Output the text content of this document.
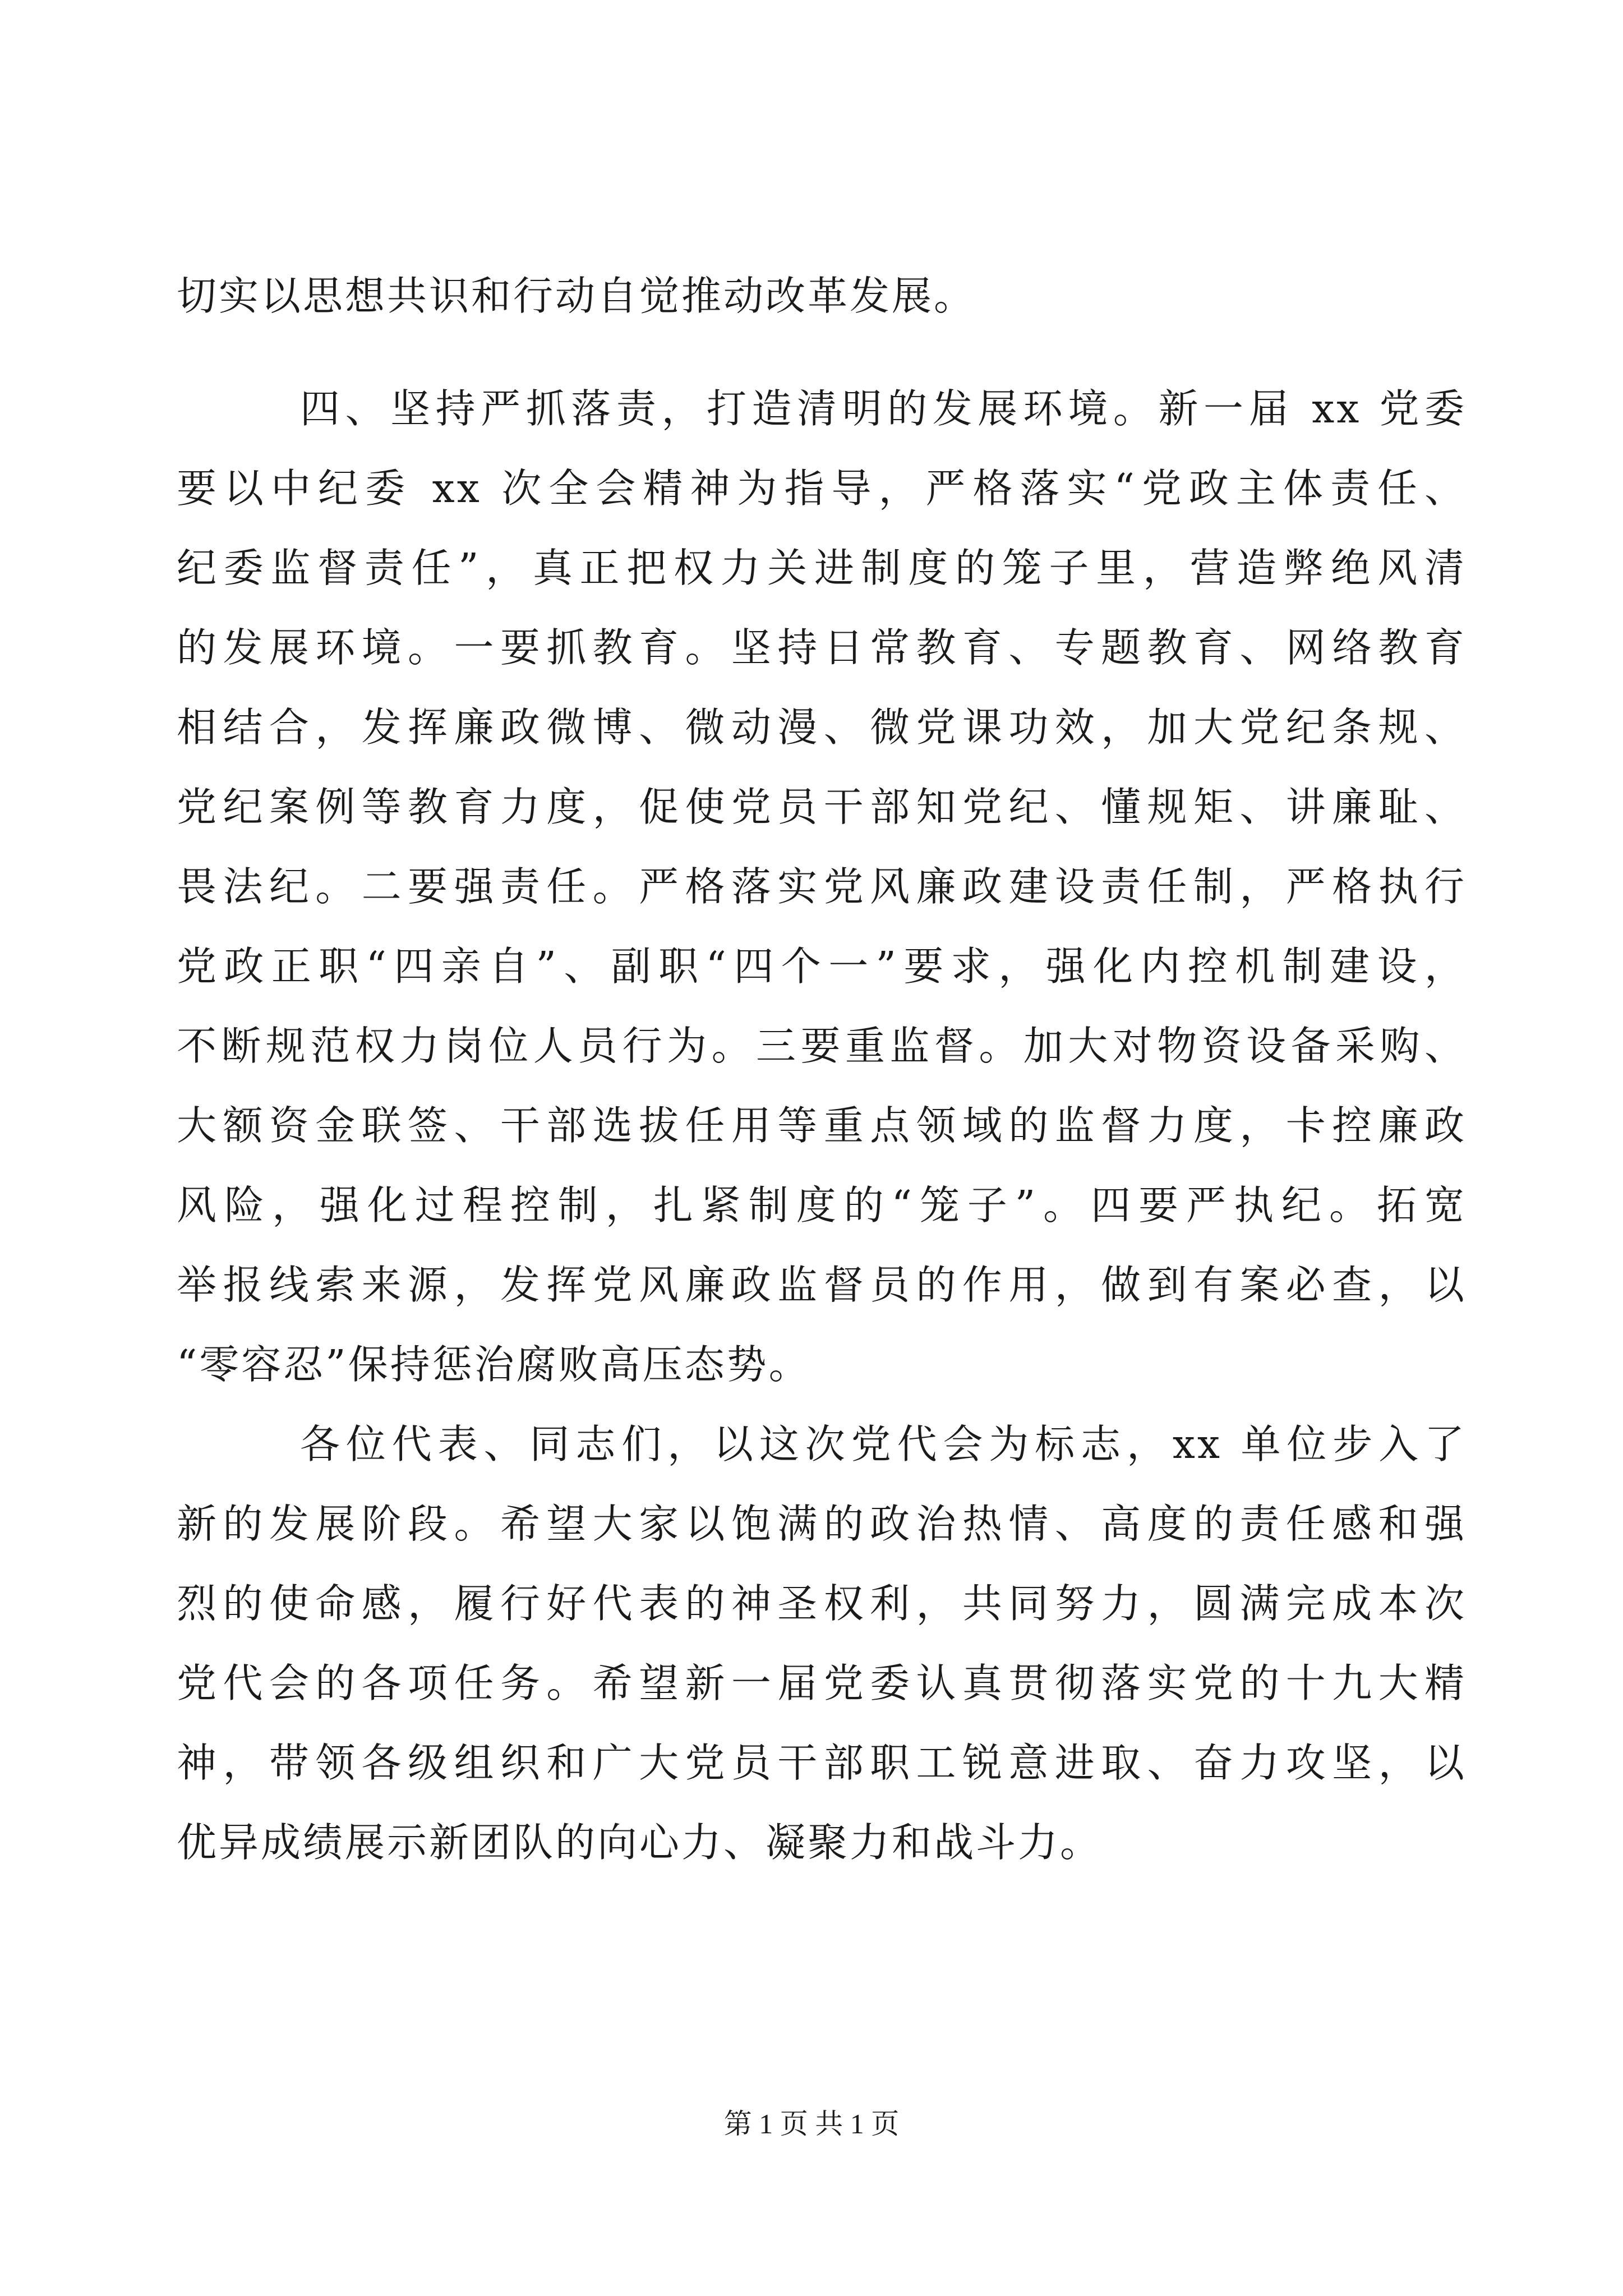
切实以思想共识和行动自觉推动改革发展。
四、坚持严抓落责，打造清明的发展环境。新一届 xx 党委
要以中纪委 xx 次全会精神为指导，严格落实“党政主体责任、
纪委监督责任”，真正把权力关进制度的笼子里，营造弊绝风清
的发展环境。一要抓教育。坚持日常教育、专题教育、网络教育
相结合，发挥廉政微博、微动漫、微党课功效，加大党纪条规、
党纪案例等教育力度，促使党员干部知党纪、懂规矩、讲廉耻、
畏法纪。二要强责任。严格落实党风廉政建设责任制，严格执行
党政正职“四亲自”、副职“四个一”要求，强化内控机制建设，
不断规范权力岗位人员行为。三要重监督。加大对物资设备采购、
大额资金联签、干部选拔任用等重点领域的监督力度，卡控廉政
风险，强化过程控制，扎紧制度的“笼子”。四要严执纪。拓宽
举报线索来源，发挥党风廉政监督员的作用，做到有案必查，以
“零容忍”保持惩治腐败高压态势。
各位代表、同志们，以这次党代会为标志，xx 单位步入了
新的发展阶段。希望大家以饱满的政治热情、高度的责任感和强
烈的使命感，履行好代表的神圣权利，共同努力，圆满完成本次
党代会的各项任务。希望新一届党委认真贯彻落实党的十九大精
神，带领各级组织和广大党员干部职工锐意进取、奋力攻坚，以
优异成绩展示新团队的向心力、凝聚力和战斗力。
第 1 页 共 1 页
